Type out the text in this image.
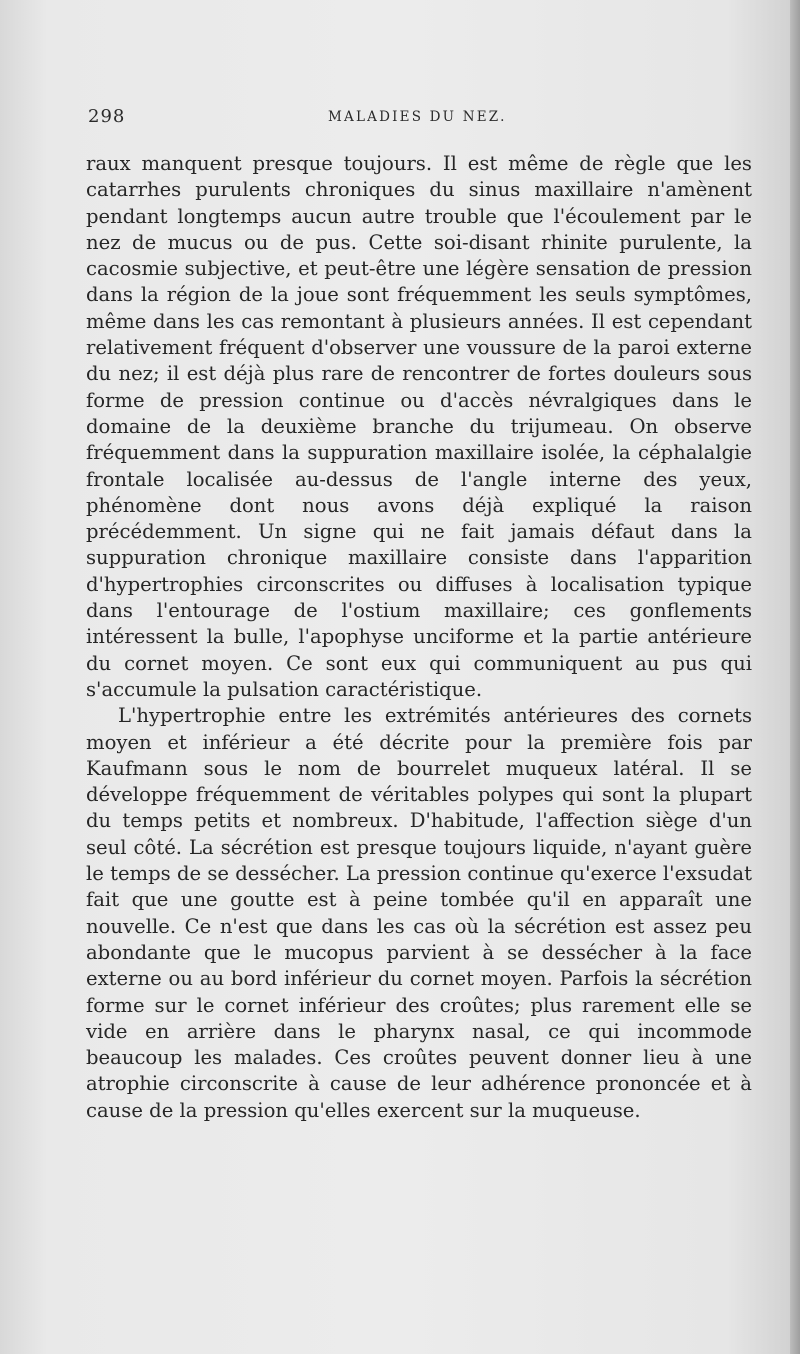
298	MALADIES DU NEZ.

raux manquent presque toujours. Il est même de règle que les catarrhes purulents chroniques du sinus maxillaire n'amènent pendant longtemps aucun autre trouble que l'écoulement par le nez de mucus ou de pus. Cette soi-disant rhinite purulente, la cacosmie subjective, et peut-être une légère sensation de pression dans la région de la joue sont fréquemment les seuls symptômes, même dans les cas remontant à plusieurs années. Il est cependant relativement fréquent d'observer une voussure de la paroi externe du nez; il est déjà plus rare de rencontrer de fortes douleurs sous forme de pression continue ou d'accès névralgiques dans le domaine de la deuxième branche du trijumeau. On observe fréquemment dans la suppuration maxillaire isolée, la céphalalgie frontale localisée au-dessus de l'angle interne des yeux, phénomène dont nous avons déjà expliqué la raison précédemment. Un signe qui ne fait jamais défaut dans la suppuration chronique maxillaire consiste dans l'apparition d'hypertrophies circonscrites ou diffuses à localisation typique dans l'entourage de l'ostium maxillaire; ces gonflements intéressent la bulle, l'apophyse unciforme et la partie antérieure du cornet moyen. Ce sont eux qui communiquent au pus qui s'accumule la pulsation caractéristique.

L'hypertrophie entre les extrémités antérieures des cornets moyen et inférieur a été décrite pour la première fois par Kaufmann sous le nom de bourrelet muqueux latéral. Il se développe fréquemment de véritables polypes qui sont la plupart du temps petits et nombreux. D'habitude, l'affection siège d'un seul côté. La sécrétion est presque toujours liquide, n'ayant guère le temps de se dessécher. La pression continue qu'exerce l'exsudat fait que une goutte est à peine tombée qu'il en apparaît une nouvelle. Ce n'est que dans les cas où la sécrétion est assez peu abondante que le mucopus parvient à se dessécher à la face externe ou au bord inférieur du cornet moyen. Parfois la sécrétion forme sur le cornet inférieur des croûtes; plus rarement elle se vide en arrière dans le pharynx nasal, ce qui incommode beaucoup les malades. Ces croûtes peuvent donner lieu à une atrophie circonscrite à cause de leur adhérence prononcée et à cause de la pression qu'elles exercent sur la muqueuse.
